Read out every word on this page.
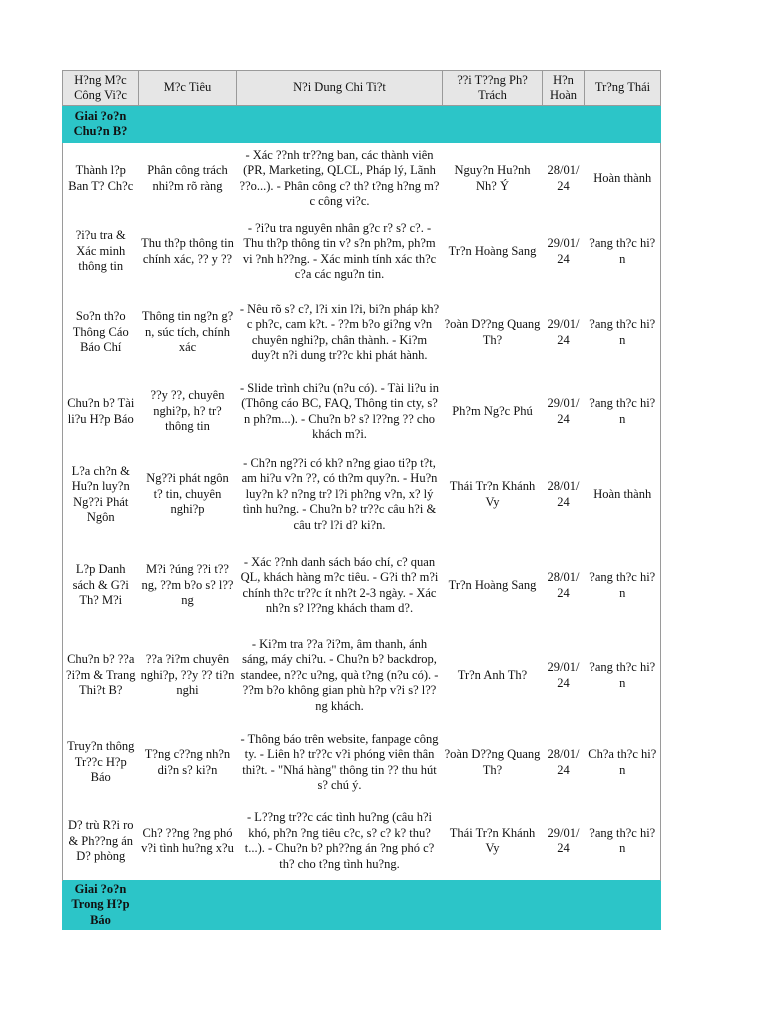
H?ng M?c Công Vi?c	M?c Tiêu	N?i Dung Chi Ti?t	??i T??ng Ph? Trách	H?n Hoàn	Tr?ng Thái
Giai ?o?n Chu?n B?					
Thành l?p Ban T? Ch?c	Phân công trách nhi?m rõ ràng	- Xác ??nh tr??ng ban, các thành viên (PR, Marketing, QLCL, Pháp lý, Lãnh ??o...). - Phân công c? th? t?ng h?ng m?c công vi?c.	Nguy?n Hu?nh Nh? Ý	28/01/24	Hoàn thành
?i?u tra & Xác minh thông tin	Thu th?p thông tin chính xác, ?? y ??	- ?i?u tra nguyên nhân g?c r? s? c?. - Thu th?p thông tin v? s?n ph?m, ph?m vi ?nh h??ng. - Xác minh tính xác th?c c?a các ngu?n tin.	Tr?n Hoàng Sang	29/01/24	?ang th?c hi?n
So?n th?o Thông Cáo Báo Chí	Thông tin ng?n g?n, súc tích, chính xác	- Nêu rõ s? c?, l?i xin l?i, bi?n pháp kh?c ph?c, cam k?t. - ??m b?o gi?ng v?n chuyên nghi?p, chân thành. - Ki?m duy?t n?i dung tr??c khi phát hành.	?oàn D??ng Quang Th?	29/01/24	?ang th?c hi?n
Chu?n b? Tài li?u H?p Báo	??y ??, chuyên nghi?p, h? tr? thông tin	- Slide trình chi?u (n?u có). - Tài li?u in (Thông cáo BC, FAQ, Thông tin cty, s?n ph?m...). - Chu?n b? s? l??ng ?? cho khách m?i.	Ph?m Ng?c Phú	29/01/24	?ang th?c hi?n
L?a ch?n & Hu?n luy?n Ng??i Phát Ngôn	Ng??i phát ngôn t? tin, chuyên nghi?p	- Ch?n ng??i có kh? n?ng giao ti?p t?t, am hi?u v?n ??, có th?m quy?n. - Hu?n luy?n k? n?ng tr? l?i ph?ng v?n, x? lý tình hu?ng. - Chu?n b? tr??c câu h?i & câu tr? l?i d? ki?n.	Thái Tr?n Khánh Vy	28/01/24	Hoàn thành
L?p Danh sách & G?i Th? M?i	M?i ?úng ??i t??ng, ??m b?o s? l??ng	- Xác ??nh danh sách báo chí, c? quan QL, khách hàng m?c tiêu. - G?i th? m?i chính th?c tr??c ít nh?t 2-3 ngày. - Xác nh?n s? l??ng khách tham d?.	Tr?n Hoàng Sang	28/01/24	?ang th?c hi?n
Chu?n b? ??a ?i?m & Trang Thi?t B?	??a ?i?m chuyên nghi?p, ??y ?? ti?n nghi	- Ki?m tra ??a ?i?m, âm thanh, ánh sáng, máy chi?u. - Chu?n b? backdrop, standee, n??c u?ng, quà t?ng (n?u có). - ??m b?o không gian phù h?p v?i s? l??ng khách.	Tr?n Anh Th?	29/01/24	?ang th?c hi?n
Truy?n thông Tr??c H?p Báo	T?ng c??ng nh?n di?n s? ki?n	- Thông báo trên website, fanpage công ty. - Liên h? tr??c v?i phóng viên thân thi?t. - "Nhá hàng" thông tin ?? thu hút s? chú ý.	?oàn D??ng Quang Th?	28/01/24	Ch?a th?c hi?n
D? trù R?i ro & Ph??ng án D? phòng	Ch? ??ng ?ng phó v?i tình hu?ng x?u	- L??ng tr??c các tình hu?ng (câu h?i khó, ph?n ?ng tiêu c?c, s? c? k? thu?t...). - Chu?n b? ph??ng án ?ng phó c? th? cho t?ng tình hu?ng.	Thái Tr?n Khánh Vy	29/01/24	?ang th?c hi?n
Giai ?o?n Trong H?p Báo					
